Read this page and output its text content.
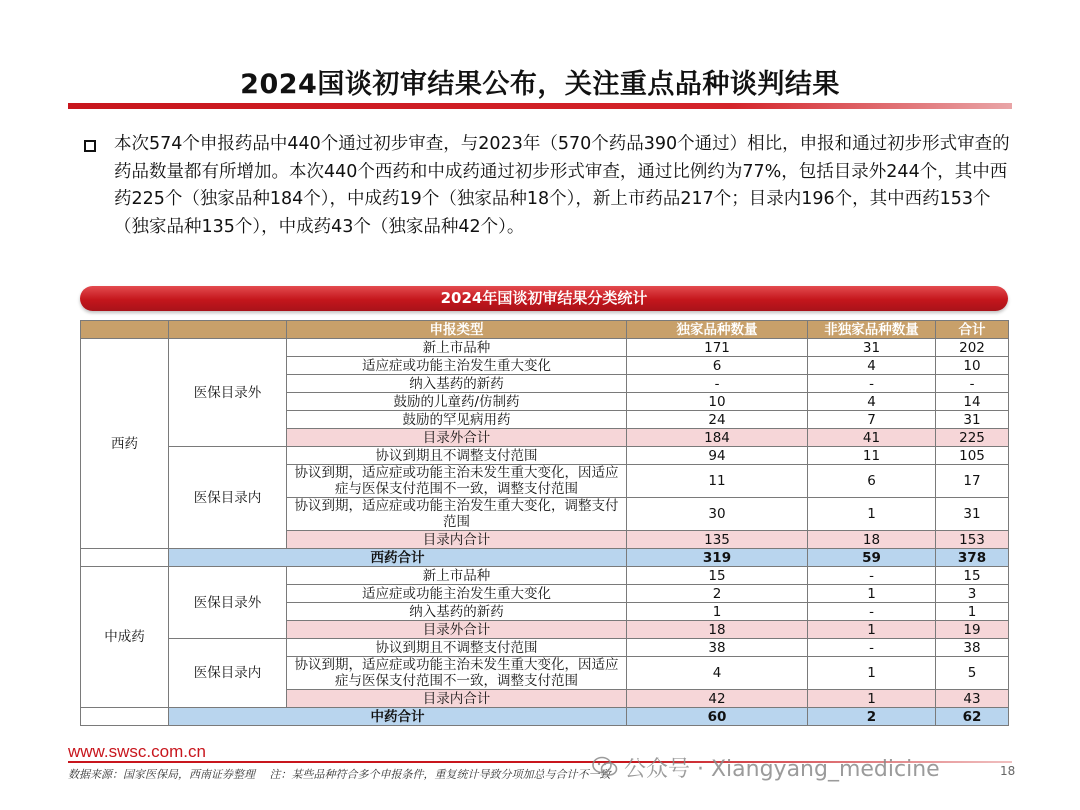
2024国谈初审结果公布，关注重点品种谈判结果
本次574个申报药品中440个通过初步审查，与2023年（570个药品390个通过）相比，申报和通过初步形式审查的药品数量都有所增加。本次440个西药和中成药通过初步形式审查，通过比例约为77%，包括目录外244个，其中西药225个（独家品种184个），中成药19个（独家品种18个），新上市药品217个；目录内196个，其中西药153个（独家品种135个），中成药43个（独家品种42个）。
2024年国谈初审结果分类统计
		申报类型	独家品种数量	非独家品种数量	合计
西药	医保目录外	新上市品种	171	31	202
		适应症或功能主治发生重大变化	6	4	10
		纳入基药的新药	-	-	-
		鼓励的儿童药/仿制药	10	4	14
		鼓励的罕见病用药	24	7	31
		目录外合计	184	41	225
	医保目录内	协议到期且不调整支付范围	94	11	105
		协议到期，适应症或功能主治未发生重大变化，因适应症与医保支付范围不一致，调整支付范围	11	6	17
		协议到期，适应症或功能主治发生重大变化，调整支付范围	30	1	31
		目录内合计	135	18	153
	西药合计		319	59	378
中成药	医保目录外	新上市品种	15	-	15
		适应症或功能主治发生重大变化	2	1	3
		纳入基药的新药	1	-	1
		目录外合计	18	1	19
	医保目录内	协议到期且不调整支付范围	38	-	38
		协议到期，适应症或功能主治未发生重大变化，因适应症与医保支付范围不一致，调整支付范围	4	1	5
		目录内合计	42	1	43
	中药合计		60	2	62
www.swsc.com.cn
数据来源：国家医保局，西南证券整理　 注：某些品种符合多个申报条件，重复统计导致分项加总与合计不一致 公众号 · Xiangyang_medicine	18
